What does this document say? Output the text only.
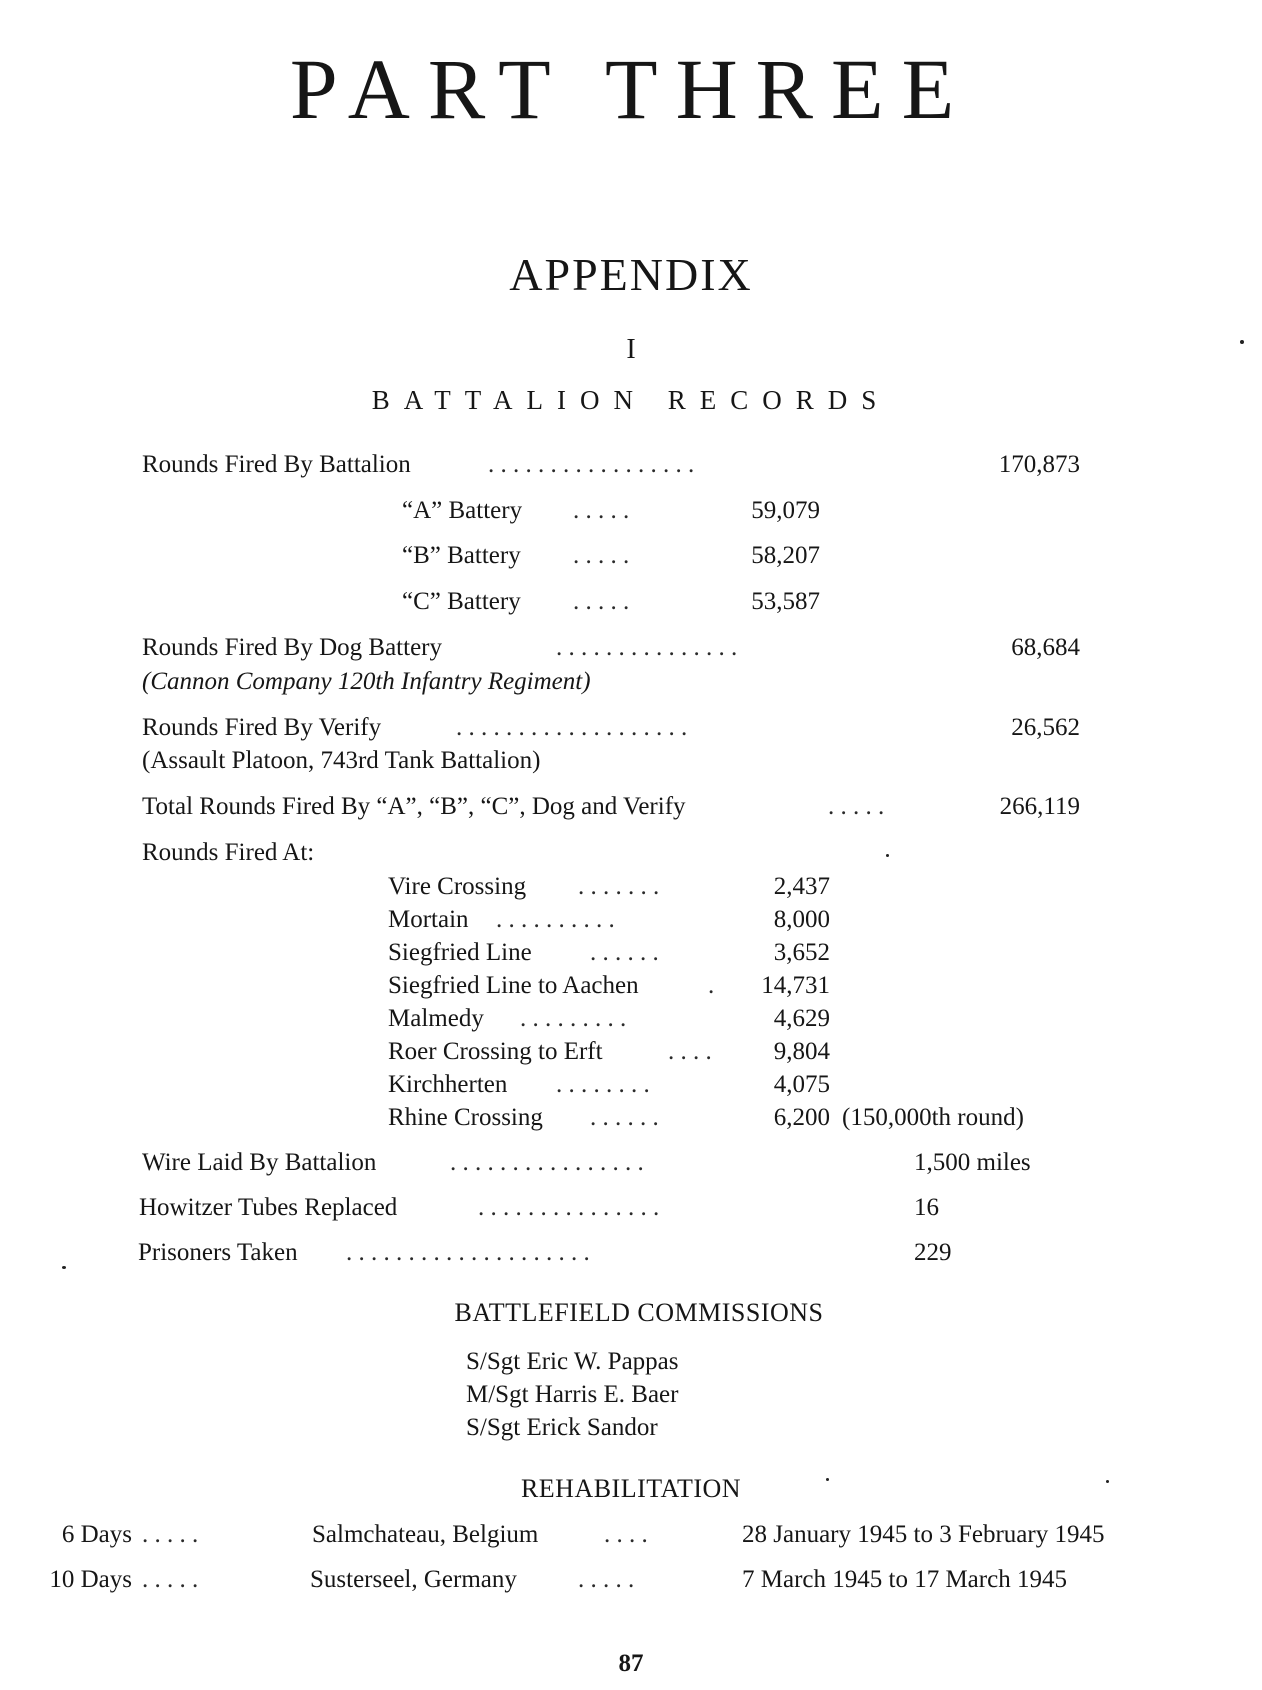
PART THREE
APPENDIX
I
BATTALION RECORDS
Rounds Fired By Battalion	. . . . . . . . . . . . . . . . .	170,873
“A” Battery . . . . .	59,079
“B” Battery . . . . .	58,207
“C” Battery . . . . .	53,587
Rounds Fired By Dog Battery	. . . . . . . . . . . . . . .	68,684
(Cannon Company 120th Infantry Regiment)
Rounds Fired By Verify	. . . . . . . . . . . . . . . . . . .	26,562
(Assault Platoon, 743rd Tank Battalion)
Total Rounds Fired By “A”, “B”, “C”, Dog and Verify	. . . . .	266,119
Rounds Fired At:
Vire Crossing . . . . . . .	2,437
Mortain . . . . . . . . . .	8,000
Siegfried Line . . . . . .	3,652
Siegfried Line to Aachen	.	14,731
Malmedy . . . . . . . . .	4,629
Roer Crossing to Erft	. . . .	9,804
Kirchherten . . . . . . . .	4,075
Rhine Crossing . . . . . .	6,200 (150,000th round)
Wire Laid By Battalion	. . . . . . . . . . . . . . . .	1,500 miles
Howitzer Tubes Replaced	. . . . . . . . . . . . . . .	16
Prisoners Taken . . . . . . . . . . . . . . . . . . . .	229
BATTLEFIELD COMMISSIONS
S/Sgt Eric W. Pappas
M/Sgt Harris E. Baer
S/Sgt Erick Sandor
REHABILITATION
6 Days . . . . .	Salmchateau, Belgium	. . . .	28 January 1945 to 3 February 1945
10 Days . . . . .	Susterseel, Germany . . . . .	7 March 1945 to 17 March 1945
87
